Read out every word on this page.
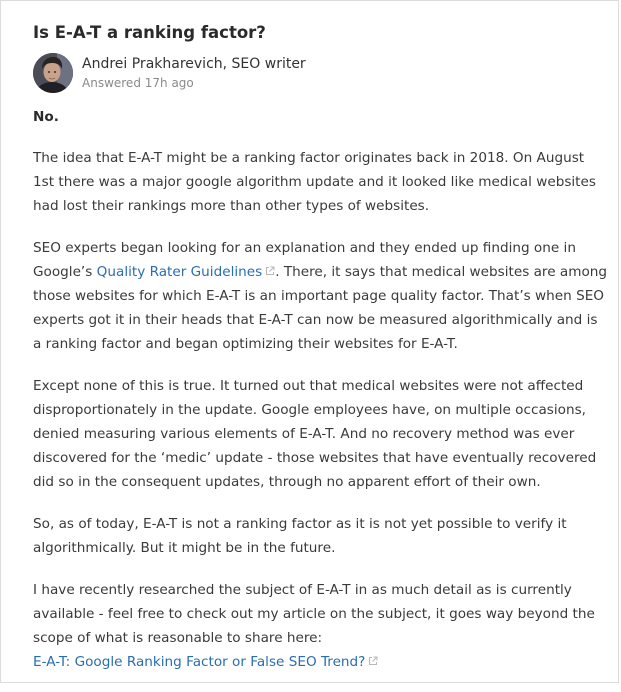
Is E-A-T a ranking factor?
Andrei Prakharevich, SEO writer
Answered 17h ago
No.

The idea that E-A-T might be a ranking factor originates back in 2018. On August 1st there was a major google algorithm update and it looked like medical websites had lost their rankings more than other types of websites.

SEO experts began looking for an explanation and they ended up finding one in Google’s Quality Rater Guidelines . There, it says that medical websites are among those websites for which E-A-T is an important page quality factor. That’s when SEO experts got it in their heads that E-A-T can now be measured algorithmically and is a ranking factor and began optimizing their websites for E-A-T.

Except none of this is true. It turned out that medical websites were not affected disproportionately in the update. Google employees have, on multiple occasions, denied measuring various elements of E-A-T. And no recovery method was ever discovered for the ‘medic’ update - those websites that have eventually recovered did so in the consequent updates, through no apparent effort of their own.

So, as of today, E-A-T is not a ranking factor as it is not yet possible to verify it algorithmically. But it might be in the future.

I have recently researched the subject of E-A-T in as much detail as is currently available - feel free to check out my article on the subject, it goes way beyond the scope of what is reasonable to share here:
E-A-T: Google Ranking Factor or False SEO Trend?
